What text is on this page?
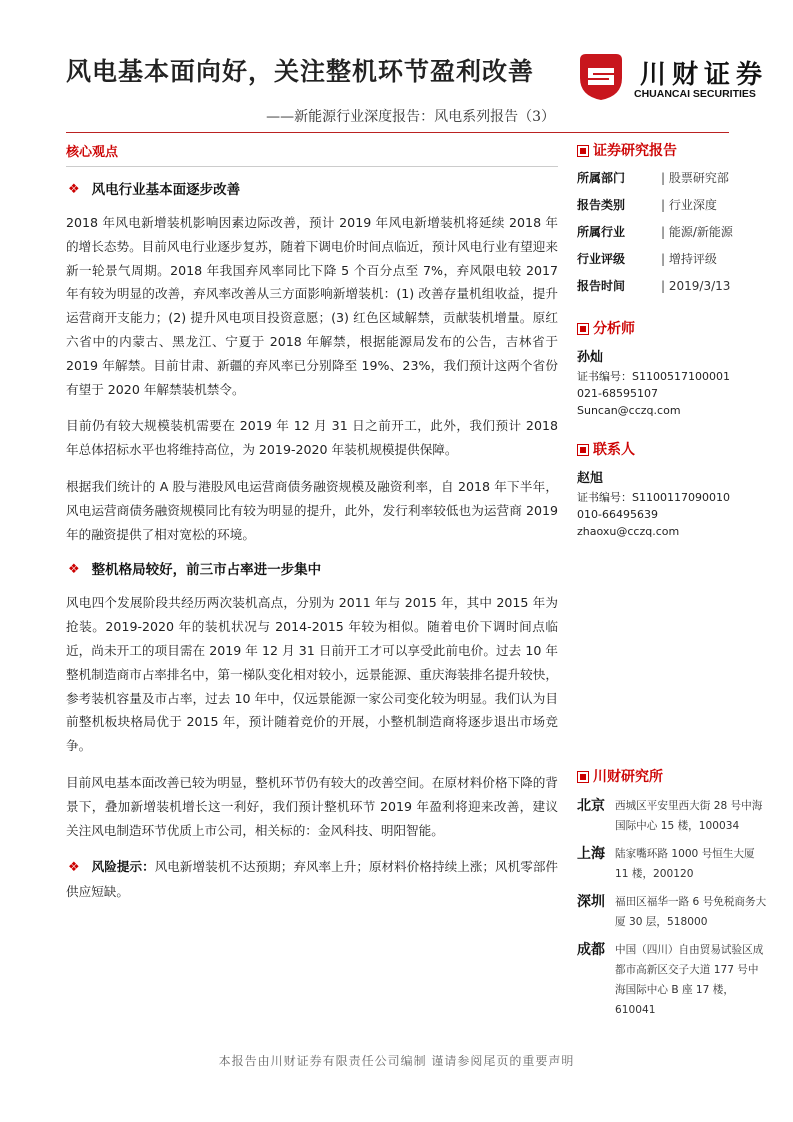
风电基本面向好，关注整机环节盈利改善
——新能源行业深度报告：风电系列报告（3）
川财证券
CHUANCAI SECURITIES
核心观点
❖ 风电行业基本面逐步改善

2018 年风电新增装机影响因素边际改善，预计 2019 年风电新增装机将延续 2018 年的增长态势。目前风电行业逐步复苏，随着下调电价时间点临近，预计风电行业有望迎来新一轮景气周期。2018 年我国弃风率同比下降 5 个百分点至 7%，弃风限电较 2017 年有较为明显的改善，弃风率改善从三方面影响新增装机：(1) 改善存量机组收益，提升运营商开支能力；(2) 提升风电项目投资意愿；(3) 红色区域解禁，贡献装机增量。原红六省中的内蒙古、黑龙江、宁夏于 2018 年解禁，根据能源局发布的公告，吉林省于 2019 年解禁。目前甘肃、新疆的弃风率已分别降至 19%、23%，我们预计这两个省份有望于 2020 年解禁装机禁令。

目前仍有较大规模装机需要在 2019 年 12 月 31 日之前开工，此外，我们预计 2018 年总体招标水平也将维持高位，为 2019-2020 年装机规模提供保障。

根据我们统计的 A 股与港股风电运营商债务融资规模及融资利率，自 2018 年下半年，风电运营商债务融资规模同比有较为明显的提升，此外，发行利率较低也为运营商 2019 年的融资提供了相对宽松的环境。

❖ 整机格局较好，前三市占率进一步集中

风电四个发展阶段共经历两次装机高点，分别为 2011 年与 2015 年，其中 2015 年为抢装。2019-2020 年的装机状况与 2014-2015 年较为相似。随着电价下调时间点临近，尚未开工的项目需在 2019 年 12 月 31 日前开工才可以享受此前电价。过去 10 年整机制造商市占率排名中，第一梯队变化相对较小，远景能源、重庆海装排名提升较快，参考装机容量及市占率，过去 10 年中，仅远景能源一家公司变化较为明显。我们认为目前整机板块格局优于 2015 年，预计随着竞价的开展，小整机制造商将逐步退出市场竞争。

目前风电基本面改善已较为明显，整机环节仍有较大的改善空间。在原材料价格下降的背景下，叠加新增装机增长这一利好，我们预计整机环节 2019 年盈利将迎来改善，建议关注风电制造环节优质上市公司，相关标的：金风科技、明阳智能。

❖ 风险提示：风电新增装机不达预期；弃风率上升；原材料价格持续上涨；风机零部件供应短缺。

证券研究报告
所属部门	| 股票研究部
报告类别	| 行业深度
所属行业	| 能源/新能源
行业评级	| 增持评级
报告时间	| 2019/3/13
分析师
孙灿
证书编号：S1100517100001
021-68595107
Suncan@cczq.com
联系人
赵旭
证书编号：S1100117090010
010-66495639
zhaoxu@cczq.com
川财研究所
北京 西城区平安里西大街 28 号中海国际中心 15 楼，100034
上海 陆家嘴环路 1000 号恒生大厦 11 楼，200120
深圳 福田区福华一路 6 号免税商务大厦 30 层，518000
成都 中国（四川）自由贸易试验区成都市高新区交子大道 177 号中海国际中心 B 座 17 楼，610041
本报告由川财证券有限责任公司编制 谨请参阅尾页的重要声明
